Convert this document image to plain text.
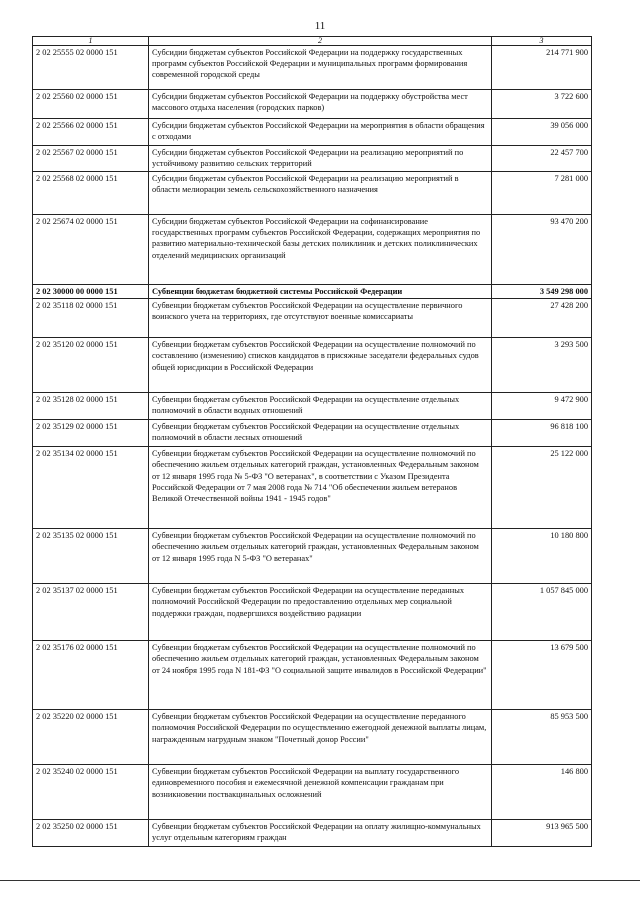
11
1	2	3
2 02 25555 02 0000 151	Субсидии бюджетам субъектов Российской Федерации на поддержку государственных программ субъектов Российской Федерации и муниципальных программ формирования современной городской среды	214 771 900
2 02 25560 02 0000 151	Субсидии бюджетам субъектов Российской Федерации на поддержку обустройства мест массового отдыха населения (городских парков)	3 722 600
2 02 25566 02 0000 151	Субсидии бюджетам субъектов Российской Федерации на мероприятия в области обращения с отходами	39 056 000
2 02 25567 02 0000 151	Субсидии бюджетам субъектов Российской Федерации на реализацию мероприятий по устойчивому развитию сельских территорий	22 457 700
2 02 25568 02 0000 151	Субсидии бюджетам субъектов Российской Федерации на реализацию мероприятий в области мелиорации земель сельскохозяйственного назначения	7 281 000
2 02 25674 02 0000 151	Субсидии бюджетам субъектов Российской Федерации на софинансирование государственных программ субъектов Российской Федерации, содержащих мероприятия по развитию материально-технической базы детских поликлиник и детских поликлинических отделений медицинских организаций	93 470 200
2 02 30000 00 0000 151	Субвенции бюджетам бюджетной системы Российской Федерации	3 549 298 000
2 02 35118 02 0000 151	Субвенции бюджетам субъектов Российской Федерации на осуществление первичного воинского учета на территориях, где отсутствуют военные комиссариаты	27 428 200
2 02 35120 02 0000 151	Субвенции бюджетам субъектов Российской Федерации на осуществление полномочий по составлению (изменению) списков кандидатов в присяжные заседатели федеральных судов общей юрисдикции в Российской Федерации	3 293 500
2 02 35128 02 0000 151	Субвенции бюджетам субъектов Российской Федерации на осуществление отдельных полномочий в области водных отношений	9 472 900
2 02 35129 02 0000 151	Субвенции бюджетам субъектов Российской Федерации на осуществление отдельных полномочий в области лесных отношений	96 818 100
2 02 35134 02 0000 151	Субвенции бюджетам субъектов Российской Федерации на осуществление полномочий по обеспечению жильем отдельных категорий граждан, установленных Федеральным законом от 12 января 1995 года № 5-ФЗ "О ветеранах", в соответствии с Указом Президента Российской Федерации от 7 мая 2008 года № 714 "Об обеспечении жильем ветеранов Великой Отечественной войны 1941 - 1945 годов"	25 122 000
2 02 35135 02 0000 151	Субвенции бюджетам субъектов Российской Федерации на осуществление полномочий по обеспечению жильем отдельных категорий граждан, установленных Федеральным законом от 12 января 1995 года N 5-ФЗ "О ветеранах"	10 180 800
2 02 35137 02 0000 151	Субвенции бюджетам субъектов Российской Федерации на осуществление переданных полномочий Российской Федерации по предоставлению отдельных мер социальной поддержки граждан, подвергшихся воздействию радиации	1 057 845 000
2 02 35176 02 0000 151	Субвенции бюджетам субъектов Российской Федерации на осуществление полномочий по обеспечению жильем отдельных категорий граждан, установленных Федеральным законом от 24 ноября 1995 года N 181-ФЗ "О социальной защите инвалидов в Российской Федерации"	13 679 500
2 02 35220 02 0000 151	Субвенции бюджетам субъектов Российской Федерации на осуществление переданного полномочия Российской Федерации по осуществлению ежегодной денежной выплаты лицам, награжденным нагрудным знаком "Почетный донор России"	85 953 500
2 02 35240 02 0000 151	Субвенции бюджетам субъектов Российской Федерации на выплату государственного единовременного пособия и ежемесячной денежной компенсации гражданам при возникновении поствакцинальных осложнений	146 800
2 02 35250 02 0000 151	Субвенции бюджетам субъектов Российской Федерации на оплату жилищно-коммунальных услуг отдельным категориям граждан	913 965 500
